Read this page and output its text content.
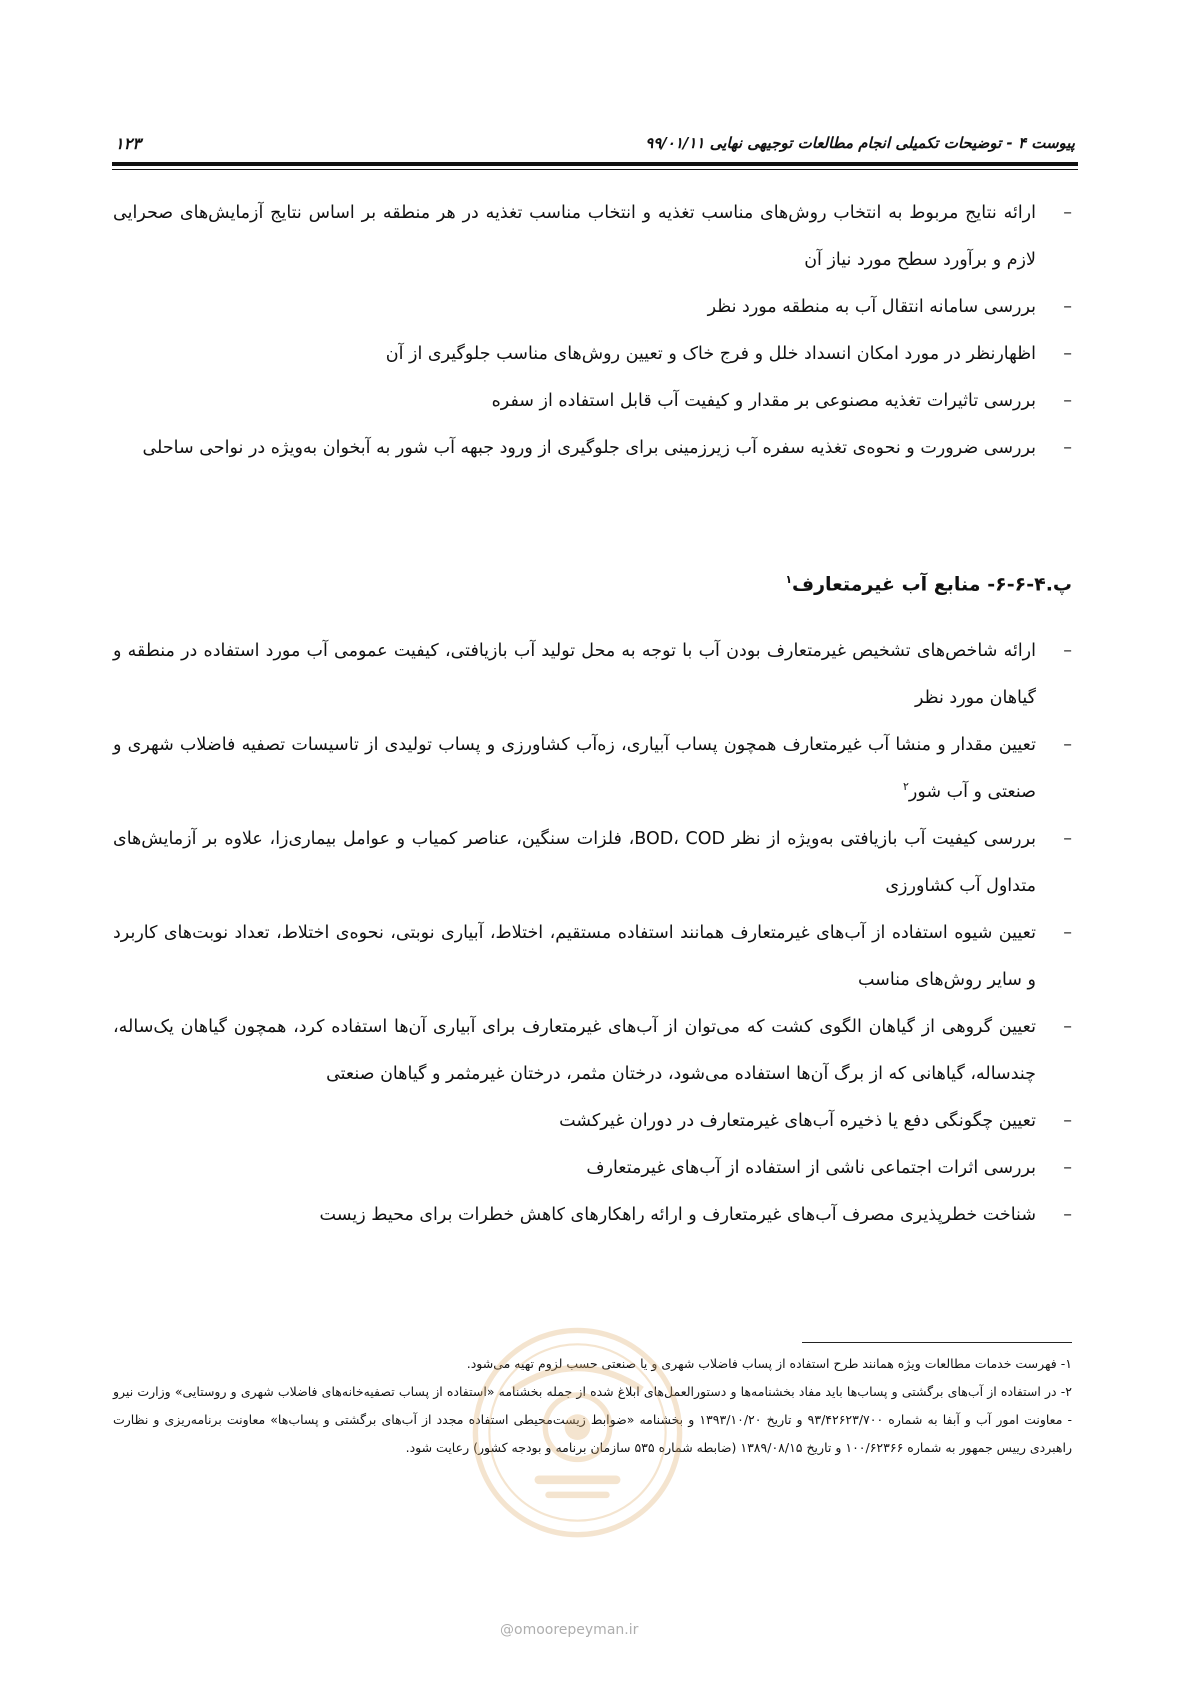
پیوست ۴ - توضیحات تکمیلی انجام مطالعات توجیهی نهایی ۹۹/۰۱/۱۱
۱۲۳
–
ارائه نتایج مربوط به انتخاب روش‌های مناسب تغذیه و انتخاب مناسب تغذیه در هر منطقه بر اساس نتایج آزمایش‌های صحرایی لازم و برآورد سطح مورد نیاز آن
–
بررسی سامانه انتقال آب به منطقه مورد نظر
–
اظهارنظر در مورد امکان انسداد خلل و فرج خاک و تعیین روش‌های مناسب جلوگیری از آن
–
بررسی تاثیرات تغذیه مصنوعی بر مقدار و کیفیت آب قابل استفاده از سفره
–
بررسی ضرورت و نحوه‌ی تغذیه سفره آب زیرزمینی برای جلوگیری از ورود جبهه آب شور به آبخوان به‌ویژه در نواحی ساحلی
پ.۴-۶-۶- منابع آب غیرمتعارف$^۱$
–
ارائه شاخص‌های تشخیص غیرمتعارف بودن آب با توجه به محل تولید آب بازیافتی، کیفیت عمومی آب مورد استفاده در منطقه و گیاهان مورد نظر
–
تعیین مقدار و منشا آب غیرمتعارف همچون پساب آبیاری، زه‌آب کشاورزی و پساب تولیدی از تاسیسات تصفیه فاضلاب شهری و صنعتی و آب شور$^۲$
–
بررسی کیفیت آب بازیافتی به‌ویژه از نظر BOD، COD، فلزات سنگین، عناصر کمیاب و عوامل بیماری‌زا، علاوه بر آزمایش‌های متداول آب کشاورزی
–
تعیین شیوه استفاده از آب‌های غیرمتعارف همانند استفاده مستقیم، اختلاط، آبیاری نوبتی، نحوه‌ی اختلاط، تعداد نوبت‌های کاربرد و سایر روش‌های مناسب
–
تعیین گروهی از گیاهان الگوی کشت که می‌توان از آب‌های غیرمتعارف برای آبیاری آن‌ها استفاده کرد، همچون گیاهان یک‌ساله، چندساله، گیاهانی که از برگ آن‌ها استفاده می‌شود، درختان مثمر، درختان غیرمثمر و گیاهان صنعتی
–
تعیین چگونگی دفع یا ذخیره آب‌های غیرمتعارف در دوران غیرکشت
–
بررسی اثرات اجتماعی ناشی از استفاده از آب‌های غیرمتعارف
–
شناخت خطرپذیری مصرف آب‌های غیرمتعارف و ارائه راهکارهای کاهش خطرات برای محیط زیست

۱- فهرست خدمات مطالعات ویژه همانند طرح استفاده از پساب فاضلاب شهری و یا صنعتی حسب لزوم تهیه می‌شود.

۲- در استفاده از آب‌های برگشتی و پساب‌ها باید مفاد بخشنامه‌ها و دستورالعمل‌های ابلاغ شده از جمله بخشنامه «استفاده از پساب تصفیه‌خانه‌های فاضلاب شهری و روستایی» وزارت نیرو - معاونت امور آب و آبفا به شماره ۹۳/۴۲۶۲۳/۷۰۰ و تاریخ ۱۳۹۳/۱۰/۲۰ و بخشنامه «ضوابط زیست‌محیطی استفاده مجدد از آب‌های برگشتی و پساب‌ها» معاونت برنامه‌ریزی و نظارت راهبردی رییس جمهور به شماره ۱۰۰/۶۲۳۶۶ و تاریخ ۱۳۸۹/۰۸/۱۵ (ضابطه شماره ۵۳۵ سازمان برنامه و بودجه کشور) رعایت شود.

@omoorepeyman.ir
